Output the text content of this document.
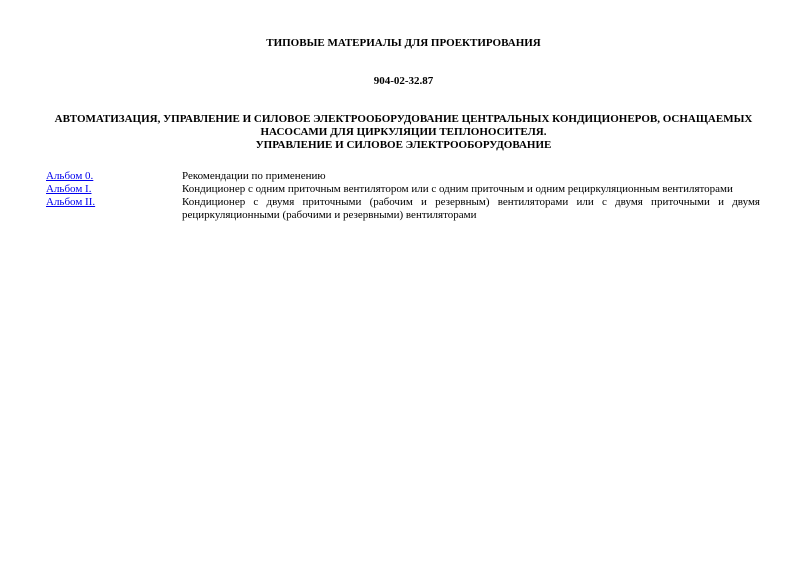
ТИПОВЫЕ МАТЕРИАЛЫ ДЛЯ ПРОЕКТИРОВАНИЯ

904-02-32.87

АВТОМАТИЗАЦИЯ, УПРАВЛЕНИЕ И СИЛОВОЕ ЭЛЕКТРООБОРУДОВАНИЕ ЦЕНТРАЛЬНЫХ КОНДИЦИОНЕРОВ, ОСНАЩАЕМЫХ НАСОСАМИ ДЛЯ ЦИРКУЛЯЦИИ ТЕПЛОНОСИТЕЛЯ.
УПРАВЛЕНИЕ И СИЛОВОЕ ЭЛЕКТРООБОРУДОВАНИЕ
Альбом 0.	Рекомендации по применению
Альбом I.	Кондиционер с одним приточным вентилятором или с одним приточным и одним рециркуляционным вентиляторами
Альбом II.	Кондиционер с двумя приточными (рабочим и резервным) вентиляторами или с двумя приточными и двумя рециркуляционными (рабочими и резервными) вентиляторами
